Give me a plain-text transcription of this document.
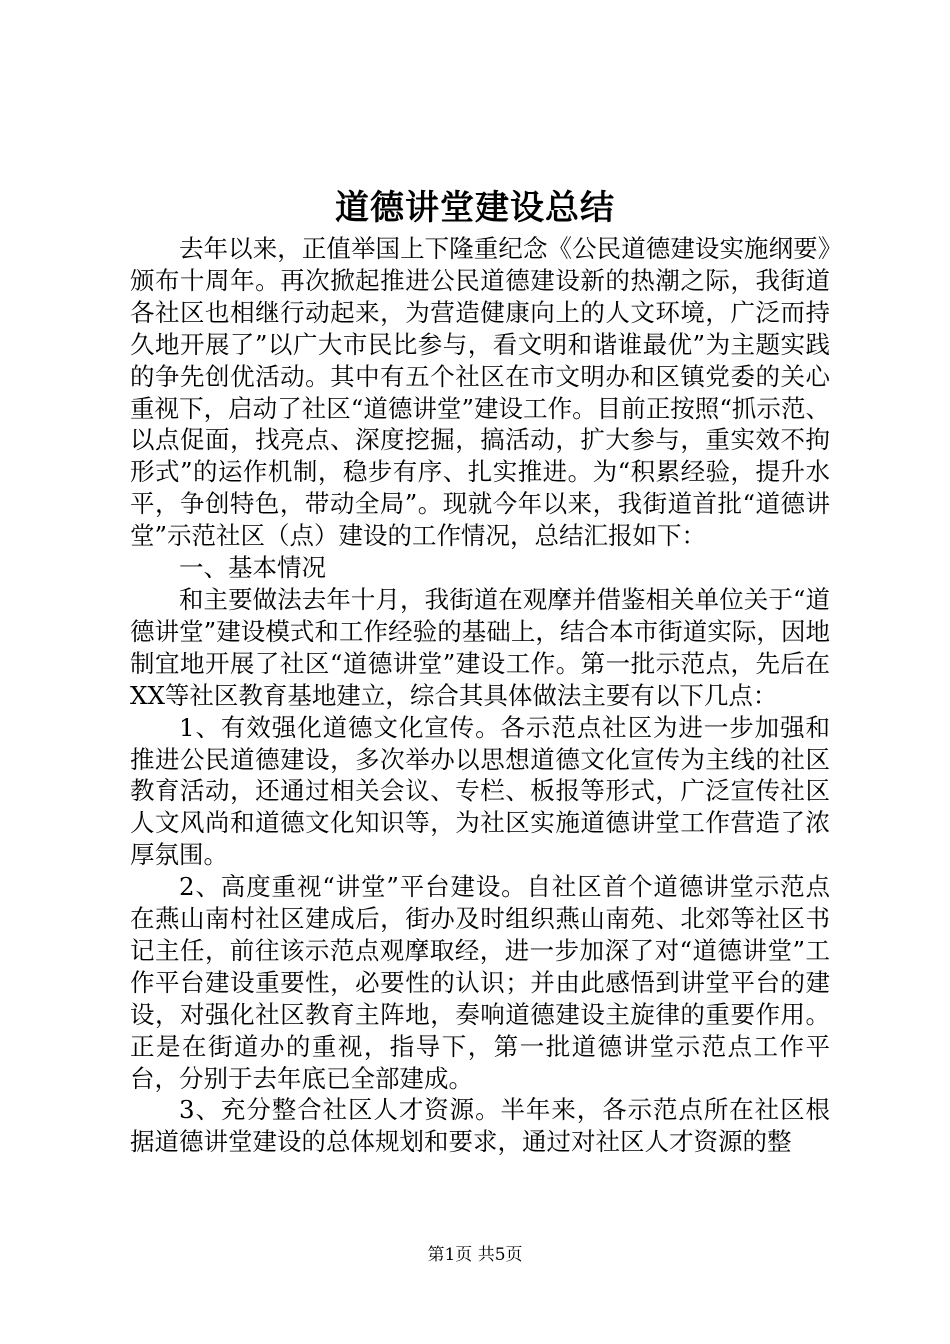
道德讲堂建设总结

去年以来，正值举国上下隆重纪念《公民道德建设实施纲要》颁布十周年。再次掀起推进公民道德建设新的热潮之际，我街道各社区也相继行动起来，为营造健康向上的人文环境，广泛而持久地开展了”以广大市民比参与，看文明和谐谁最优”为主题实践的争先创优活动。其中有五个社区在市文明办和区镇党委的关心重视下，启动了社区“道德讲堂”建设工作。目前正按照“抓示范、以点促面，找亮点、深度挖掘，搞活动，扩大参与，重实效不拘形式”的运作机制，稳步有序、扎实推进。为“积累经验，提升水平，争创特色，带动全局”。现就今年以来，我街道首批“道德讲堂”示范社区（点）建设的工作情况，总结汇报如下：

一、基本情况

和主要做法去年十月，我街道在观摩并借鉴相关单位关于“道德讲堂”建设模式和工作经验的基础上，结合本市街道实际，因地制宜地开展了社区“道德讲堂”建设工作。第一批示范点，先后在XX等社区教育基地建立，综合其具体做法主要有以下几点：

1、有效强化道德文化宣传。各示范点社区为进一步加强和推进公民道德建设，多次举办以思想道德文化宣传为主线的社区教育活动，还通过相关会议、专栏、板报等形式，广泛宣传社区人文风尚和道德文化知识等，为社区实施道德讲堂工作营造了浓厚氛围。

2、高度重视“讲堂”平台建设。自社区首个道德讲堂示范点在燕山南村社区建成后，街办及时组织燕山南苑、北郊等社区书记主任，前往该示范点观摩取经，进一步加深了对“道德讲堂”工作平台建设重要性，必要性的认识；并由此感悟到讲堂平台的建设，对强化社区教育主阵地，奏响道德建设主旋律的重要作用。正是在街道办的重视，指导下，第一批道德讲堂示范点工作平台，分别于去年底已全部建成。

3、充分整合社区人才资源。半年来，各示范点所在社区根据道德讲堂建设的总体规划和要求，通过对社区人才资源的整

第1页 共5页
